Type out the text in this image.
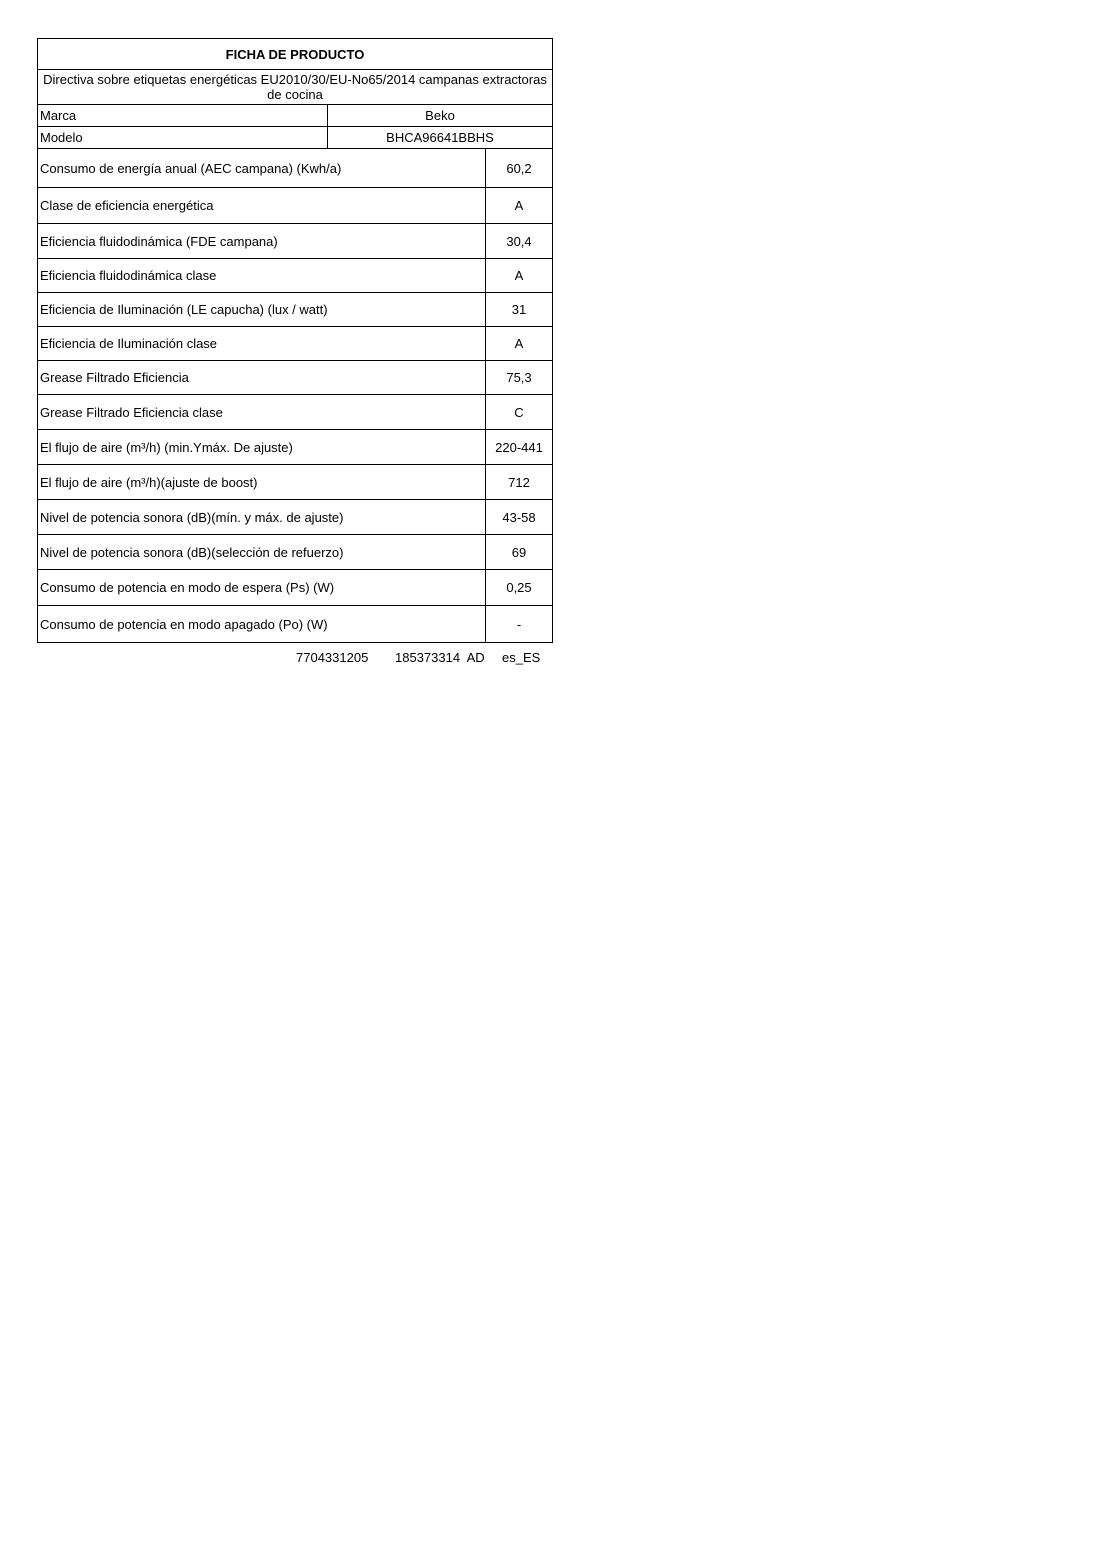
FICHA DE PRODUCTO		
Directiva sobre etiquetas energéticas EU2010/30/EU-No65/2014 campanas extractoras de cocina		
Marca	Beko	
Modelo	BHCA96641BBHS	
Consumo de energía anual (AEC campana) (Kwh/a)		60,2
Clase de eficiencia energética		A
Eficiencia fluidodinámica (FDE campana)		30,4
Eficiencia fluidodinámica clase		A
Eficiencia de Iluminación (LE capucha) (lux / watt)		31
Eficiencia de Iluminación clase		A
Grease Filtrado Eficiencia		75,3
Grease Filtrado Eficiencia clase		C
El flujo de aire (m³/h) (min.Ymáx. De ajuste)		220-441
El flujo de aire (m³/h)(ajuste de boost)		712
Nivel de potencia sonora (dB)(mín. y máx. de ajuste)		43-58
Nivel de potencia sonora (dB)(selección de refuerzo)		69
Consumo de potencia en modo de espera (Ps) (W)		0,25
Consumo de potencia en modo apagado (Po) (W)		-
7704331205 185373314  AD es_ES
